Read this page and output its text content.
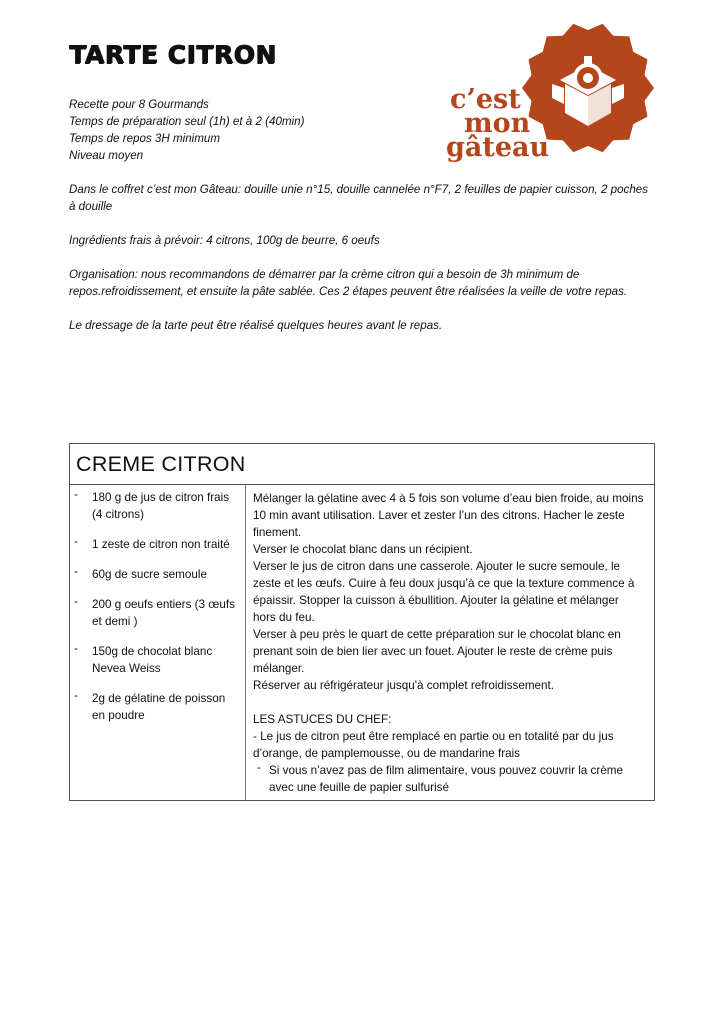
TARTE CITRON
c’est
mon
gâteau

Recette pour 8 Gourmands

Temps de préparation seul (1h) et à 2 (40min)

Temps de repos 3H minimum

Niveau moyen

Dans le coffret c’est mon Gâteau: douille unie n°15, douille cannelée n°F7, 2 feuilles de papier cuisson, 2 poches à douille

Ingrédients frais à prévoir: 4 citrons, 100g de beurre, 6 oeufs

Organisation: nous recommandons de démarrer par la crème citron qui a besoin de 3h minimum de repos.refroidissement, et ensuite la pâte sablée. Ces 2 étapes peuvent être réalisées la veille de votre repas.

Le dressage de la tarte peut être réalisé quelques heures avant le repas.

CREME CITRON
- 180 g de jus de citron frais (4 citrons)
- 1 zeste de citron non traité
- 60g de sucre semoule
- 200 g oeufs entiers (3 œufs et demi )
- 150g de chocolat blanc Nevea Weiss
- 2g de gélatine de poisson en poudre

Mélanger la gélatine avec 4 à 5 fois son volume d’eau bien froide, au moins 10 min avant utilisation. Laver et zester l’un des citrons. Hacher le zeste finement.

Verser le chocolat blanc dans un récipient.

Verser le jus de citron dans une casserole. Ajouter le sucre semoule, le zeste et les œufs. Cuire à feu doux jusqu’à ce que la texture commence à épaissir. Stopper la cuisson à ébullition. Ajouter la gélatine et mélanger hors du feu.

Verser à peu près le quart de cette préparation sur le chocolat blanc en prenant soin de bien lier avec un fouet. Ajouter le reste de crème puis mélanger.

Réserver au réfrigérateur jusqu'à complet refroidissement.

LES ASTUCES DU CHEF:

- Le jus de citron peut être remplacé en partie ou en totalité par du jus d’orange, de pamplemousse, ou de mandarine frais

- Si vous n’avez pas de film alimentaire, vous pouvez couvrir la crème avec une feuille de papier sulfurisé
